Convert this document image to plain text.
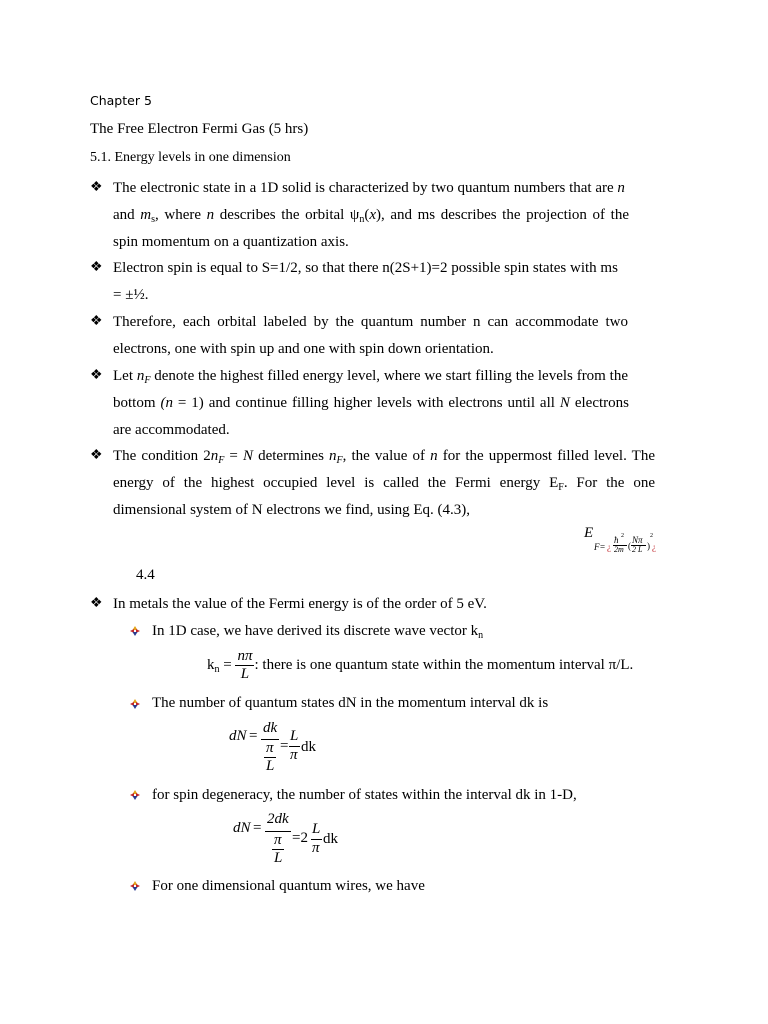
Chapter 5
The Free Electron Fermi Gas (5 hrs)
5.1. Energy levels in one dimension
❖ The electronic state in a 1D solid is characterized by two quantum numbers that are n
and $m_s$, where n describes the orbital $\psi_n(x)$, and ms describes the projection of the
spin momentum on a quantization axis.
❖ Electron spin is equal to S=1/2, so that there n(2S+1)=2 possible spin states with ms
= ±½.
❖ Therefore, each orbital labeled by the quantum number n can accommodate two
electrons, one with spin up and one with spin down orientation.
❖ Let $n_F$ denote the highest filled energy level, where we start filling the levels from the
bottom (n = 1) and continue filling higher levels with electrons until all N electrons
are accommodated.
❖ The condition $2n_F = N$ determines $n_F$, the value of n for the uppermost filled level. The
energy of the highest occupied level is called the Fermi energy $E_F$. For the one
dimensional system of N electrons we find, using Eq. (4.3),
E
F = ¿
ħ 2
2m (
Nπ
2 L )
2
¿
4.4
❖ In metals the value of the Fermi energy is of the order of 5 eV.
In 1D case, we have derived its discrete wave vector $k_n$
$k_n = \frac{n\pi}{L}$ : there is one quantum state within the momentum interval π/L.
The number of quantum states dN in the momentum interval dk is
dN = dk
π
L
=
L
π dk
for spin degeneracy, the number of states within the interval dk in 1-D,
dN =
2dk
π
L
=2
L
π
dk
For one dimensional quantum wires, we have
